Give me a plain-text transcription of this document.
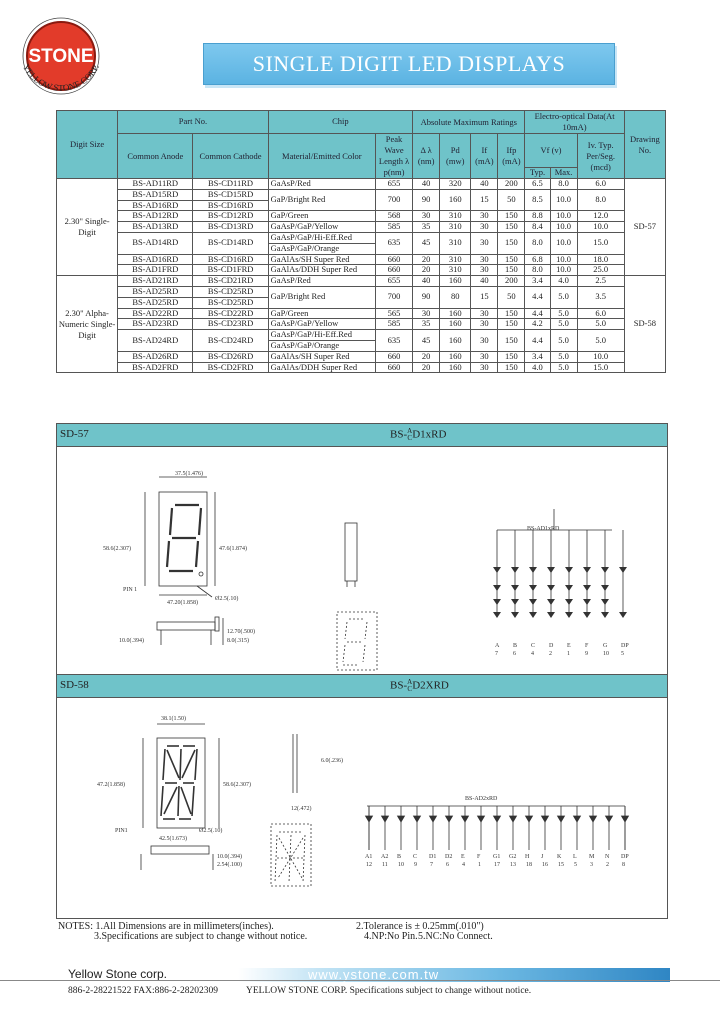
STONE
YELLOW STONE CORP.	SINGLE DIGIT LED DISPLAYS
Digit Size	Part No.		Chip		Absolute Maximum Ratings				Electro-optical Data(At 10mA)			Drawing No.
	Common Anode	Common Cathode	Material/Emitted Color	Peak Wave Length λ p(nm)	Δ λ (nm)	Pd (mw)	If (mA)	Ifp (mA)	Vf (v)		Iv. Typ. Per/Seg. (mcd)	
									Typ.	Max.		
2.30" Single-Digit	BS-AD11RD	BS-CD11RD	GaAsP/Red	655	40	320	40	200	6.5	8.0	6.0	SD-57
	BS-AD15RD	BS-CD15RD	GaP/Bright Red	700	90	160	15	50	8.5	10.0	8.0	
	BS-AD16RD	BS-CD16RD										
	BS-AD12RD	BS-CD12RD	GaP/Green	568	30	310	30	150	8.8	10.0	12.0	
	BS-AD13RD	BS-CD13RD	GaAsP/GaP/Yellow	585	35	310	30	150	8.4	10.0	10.0	
	BS-AD14RD	BS-CD14RD	GaAsP/GaP/Hi-Eff.Red	635	45	310	30	150	8.0	10.0	15.0	
			GaAsP/GaP/Orange									
	BS-AD16RD	BS-CD16RD	GaAlAs/SH Super Red	660	20	310	30	150	6.8	10.0	18.0	
	BS-AD1FRD	BS-CD1FRD	GaAlAs/DDH Super Red	660	20	310	30	150	8.0	10.0	25.0	
2.30" Alpha-Numeric Single-Digit	BS-AD21RD	BS-CD21RD	GaAsP/Red	655	40	160	40	200	3.4	4.0	2.5	SD-58
	BS-AD25RD	BS-CD25RD	GaP/Bright Red	700	90	80	15	50	4.4	5.0	3.5	
	BS-AD25RD	BS-CD25RD										
	BS-AD22RD	BS-CD22RD	GaP/Green	565	30	160	30	150	4.4	5.0	6.0	
	BS-AD23RD	BS-CD23RD	GaAsP/GaP/Yellow	585	35	160	30	150	4.2	5.0	5.0	
	BS-AD24RD	BS-CD24RD	GaAsP/GaP/Hi-Eff.Red	635	45	160	30	150	4.4	5.0	5.0	
			GaAsP/GaP/Orange									
	BS-AD26RD	BS-CD26RD	GaAlAs/SH Super Red	660	20	160	30	150	3.4	5.0	10.0	
	BS-AD2FRD	BS-CD2FRD	GaAlAs/DDH Super Red	660	20	160	30	150	4.0	5.0	15.0	
SD-57	BS-A
CD1xRD
37.5(1.476)
58.6(2.307)	47.6(1.874)
PIN 1
47.20(1.858)
Ø2.5(.10)
10.0(.394)
12.70(.500)
8.0(.315)
BS-AD1xRD
A
7
B
6
C
4
D
2
E
1
F
9
G
10
DP
5
SD-58	BS-A
CD2XRD
38.1(1.50)
47.2(1.858)	58.6(2.307)
PIN1
6.0(.236)
12(.472)
Ø2.5(.10)
42.5(1.673)
10.0(.394)
2.54(.100)
BS-AD2xRD
A1
12
A2
11
B
10
C
9
D1
7
D2
6
E
4
F
1
G1
17
G2
13
H
18
J
16
K
15
L
5
M
3
N
2
DP
8
NOTES: 1.All Dimensions are in millimeters(inches).	2.Tolerance is ± 0.25mm(.010")
3.Specifications are subject to change without notice.	4.NP:No Pin. 5.NC:No Connect.
Yellow Stone corp.	www.ystone.com.tw
886-2-28221522 FAX:886-2-28202309	YELLOW STONE CORP. Specifications subject to change without notice.
